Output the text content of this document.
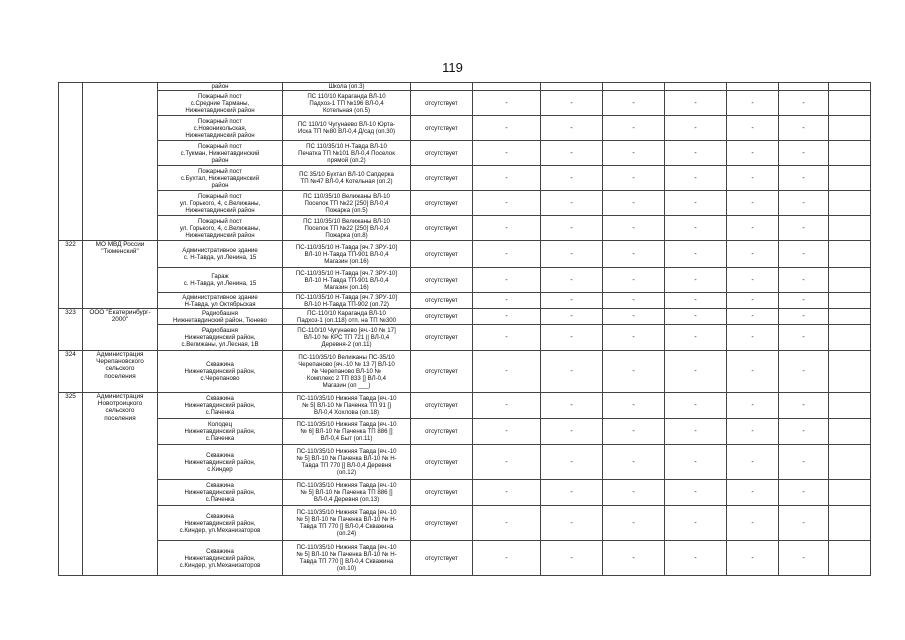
119
		район	Школа (оп.3)								
		Пожарный пост
с.Средние Тарманы,
Нижнетавдинский район	ПС 110/10 Караганда ВЛ-10
Падхоз-1 ТП №196 ВЛ-0,4
Котельная (оп.5)	отсутствует	-	-	-	-	-	-	
		Пожарный пост
с.Новоникольская,
Нижнетавдинский район	ПС 110/10 Чугунаево ВЛ-10 Юрта-
Иска ТП №80 ВЛ-0,4 Д/сад (оп.30)	отсутствует	-	-	-	-	-	-	
		Пожарный пост
с.Тукман, Нижнетавдинский
район	ПС 110/35/10 Н-Тавда ВЛ-10
Печатка ТП №101 ВЛ-0,4 Поселок
прямой (оп.2)	отсутствует	-	-	-	-	-	-	
		Пожарный пост
с.Бухтал, Нижнетавдинский
район	ПС 35/10 Бухтал ВЛ-10 Сапдерка
ТП №47 ВЛ-0,4 Котельная (оп.2)	отсутствует	-	-	-	-	-	-	
		Пожарный пост
ул. Горького, 4, с.Велижаны,
Нижнетавдинский район	ПС 110/35/10 Велижаны ВЛ-10
Поселок ТП №22 [250] ВЛ-0,4
Пожарка (оп.5)	отсутствует	-	-	-	-	-	-	
		Пожарный пост
ул. Горького, 4, с.Велижаны,
Нижнетавдинский район	ПС 110/35/10 Велижаны ВЛ-10
Поселок ТП №22 [250] ВЛ-0,4
Пожарка (оп.8)	отсутствует	-	-	-	-	-	-	
322	МО МВД России
"Тюменский"	Административное здание
с. Н-Тавда, ул.Ленина, 15	ПС-110/35/10 Н-Тавда [яч.7 ЗРУ-10]
ВЛ-10 Н-Тавда ТП-901 ВЛ-0,4
Магазин (оп.16)	отсутствует	-	-	-	-	-	-	
		Гараж
с. Н-Тавда, ул.Ленина, 15	ПС-110/35/10 Н-Тавда [яч.7 ЗРУ-10]
ВЛ-10 Н-Тавда ТП-901 ВЛ-0,4
Магазин (оп.16)	отсутствует	-	-	-	-	-	-	
		Административное здание
Н-Тавда, ул Октябрьская	ПС-110/35/10 Н-Тавда [яч.7 ЗРУ-10]
ВЛ-10 Н-Тавда ТП-902 (оп.72)	отсутствует	-	-	-	-	-	-	
323	ООО "Екатеринбург-
2000"	Радиобашня
Нижнетавдинский район, Тюнево	ПС-110/10 Караганда ВЛ-10
Падхоз-1 (оп.118) отп. на ТП №300	отсутствует	-	-	-	-	-	-	
		Радиобашня
Нижнетавдинский район,
с.Велижаны, ул.Лесная, 1В	ПС-110/10 Чугунаево [яч.-10 № 17]
ВЛ-10 № КРС ТП 721 || ВЛ-0,4
Деревня-2 (оп.11)	отсутствует	-	-	-	-	-	-	
324	Администрация
Черепановского
сельского
поселения	Скважина
Нижнетавдинский район,
с.Черепаново	ПС-110/35/10 Велижаны ПС-35/10
Черепаново [яч.-10 № 13 7] ВЛ-10
№ Черепаново ВЛ-10 №
Комплекс 2 ТП 833 [] ВЛ-0,4
Магазин (оп ___)	отсутствует	-	-	-	-	-	-	
325	Администрация
Новотроицкого
сельского
поселения	Скважина
Нижнетавдинский район,
с.Паченка	ПС-110/35/10 Нижняя Тавда [яч.-10
№ 5] ВЛ-10 № Паченка ТП 91 []
ВЛ-0,4 Хохлова (оп.18)	отсутствует	-	-	-	-	-	-	
		Колодец
Нижнетавдинский район,
с.Паченка	ПС-110/35/10 Нижняя Тавда [яч.-10
№ 6] ВЛ-10 № Паченка ТП 886 []
ВЛ-0,4 Быт (оп.11)	отсутствует	-	-	-	-	-	-	
		Скважина
Нижнетавдинский район,
с.Киндер	ПС-110/35/10 Нижняя Тавда [яч.-10
№ 5] ВЛ-10 № Паченка ВЛ-10 № Н-
Тавда ТП 770 [] ВЛ-0,4 Деревня
(оп.12)	отсутствует	-	-	-	-	-	-	
		Скважина
Нижнетавдинский район,
с.Паченка	ПС-110/35/10 Нижняя Тавда [яч.-10
№ 5] ВЛ-10 № Паченка ТП 886 []
ВЛ-0,4 Деревня (оп.13)	отсутствует	-	-	-	-	-	-	
		Скважина
Нижнетавдинский район,
с.Киндер, ул.Механизаторов	ПС-110/35/10 Нижняя Тавда [яч.-10
№ 5] ВЛ-10 № Паченка ВЛ-10 № Н-
Тавда ТП 770 [] ВЛ-0,4 Скважина
(оп.24)	отсутствует	-	-	-	-	-	-	
		Скважина
Нижнетавдинский район,
с.Киндер, ул.Механизаторов	ПС-110/35/10 Нижняя Тавда [яч.-10
№ 5] ВЛ-10 № Паченка ВЛ-10 № Н-
Тавда ТП 770 [] ВЛ-0,4 Скважина
(оп.10)	отсутствует	-	-	-	-	-	-	
